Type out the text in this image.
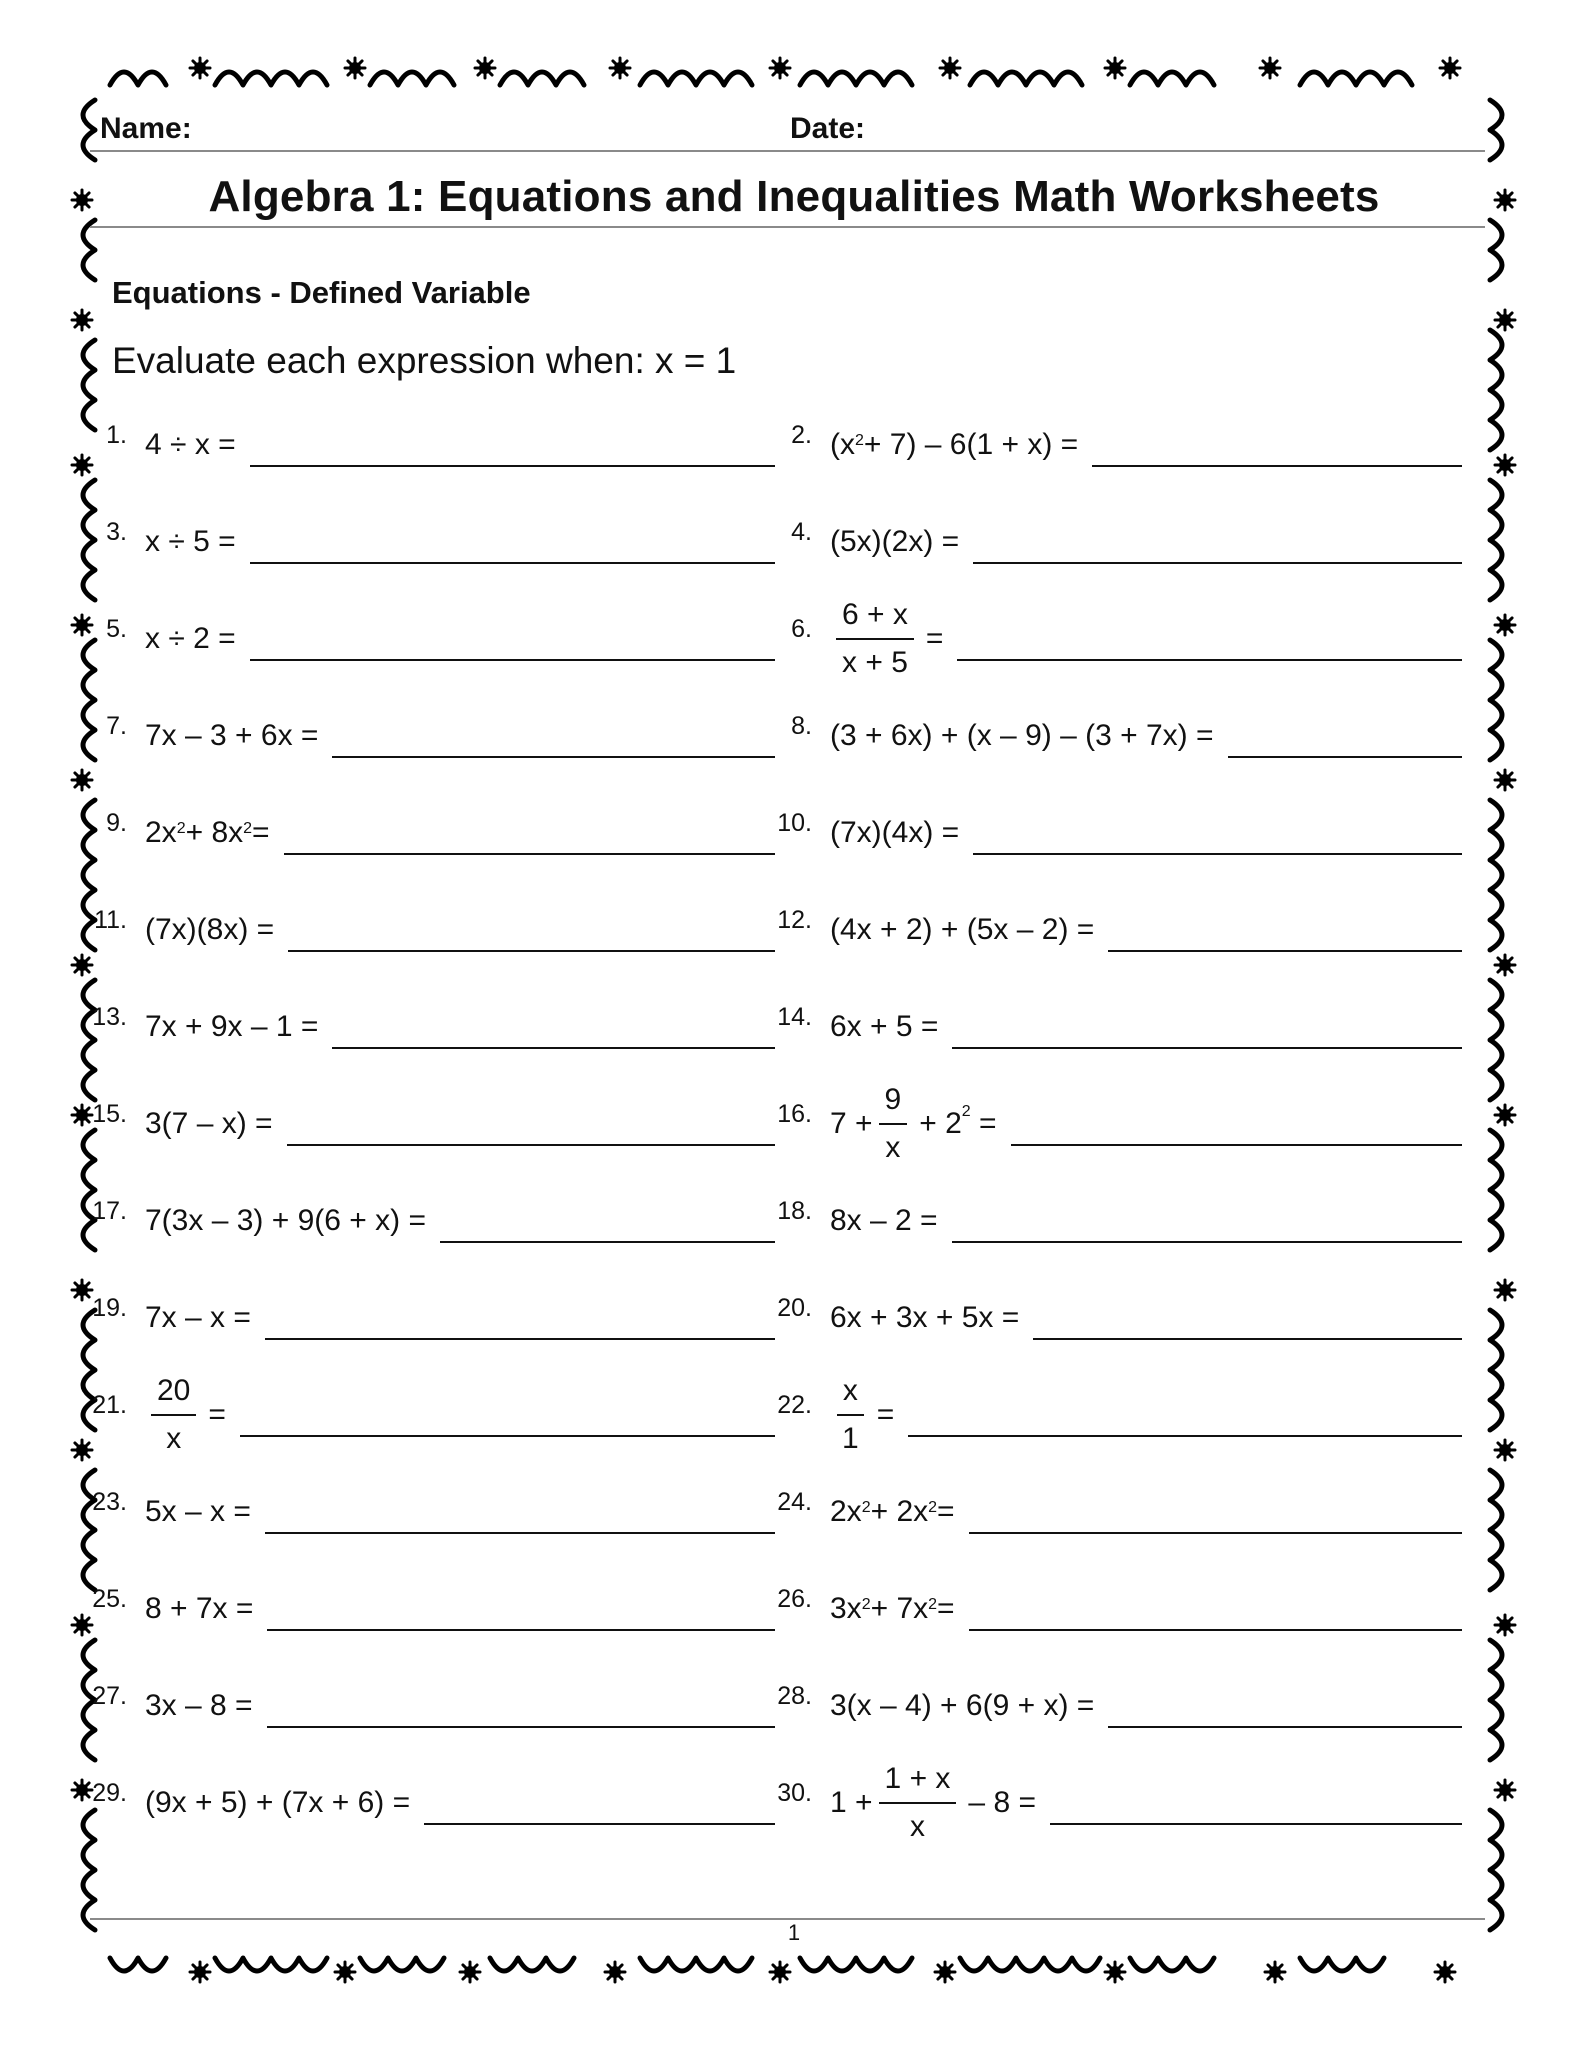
Name:	Date:
Algebra 1: Equations and Inequalities Math Worksheets
Equations - Defined Variable
Evaluate each expression when: x = 1
1. 4 ÷ x =	2. $(x^2 + 7) - 6(1 + x)$ =
3. x ÷ 5 =	4. (5x)(2x) =
5. x ÷ 2 =	6. $\frac{6 + x}{x + 5}$ =
7. 7x – 3 + 6x =	8. (3 + 6x) + (x – 9) – (3 + 7x) =
9. $2x^2 + 8x^2$ =	10. (7x)(4x) =
11. (7x)(8x) =	12. (4x + 2) + (5x – 2) =
13. 7x + 9x – 1 =	14. 6x + 5 =
15. 3(7 – x) =	16. $7 + \frac{9}{x} + 2^2$ =
17. 7(3x – 3) + 9(6 + x) =	18. 8x – 2 =
19. 7x – x =	20. 6x + 3x + 5x =
21. $\frac{20}{x}$ =	22. $\frac{x}{1}$ =
23. 5x – x =	24. $2x^2 + 2x^2$ =
25. 8 + 7x =	26. $3x^2 + 7x^2$ =
27. 3x – 8 =	28. 3(x – 4) + 6(9 + x) =
29. (9x + 5) + (7x + 6) =	30. $1 + \frac{1 + x}{x} - 8$ =
1
